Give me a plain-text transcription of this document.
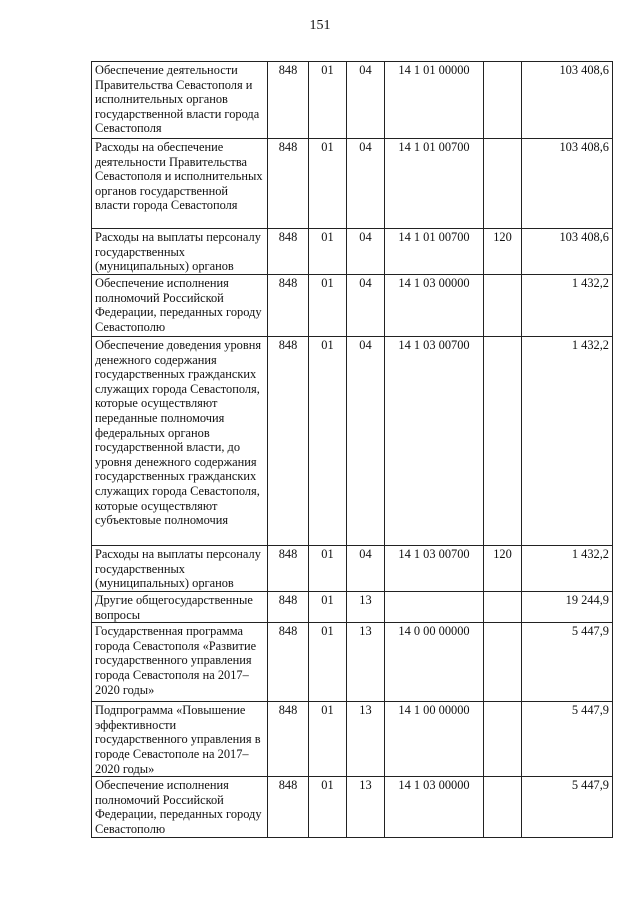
151
Обеспечение деятельности Правительства Севастополя и исполнительных органов государственной власти города Севастополя	848	01	04	14 1 01 00000		103 408,6
Расходы на обеспечение деятельности Правительства Севастополя и исполнительных органов государственной власти города Севастополя	848	01	04	14 1 01 00700		103 408,6
Расходы на выплаты персоналу государственных (муниципальных) органов	848	01	04	14 1 01 00700	120	103 408,6
Обеспечение исполнения полномочий Российской Федерации, переданных городу Севастополю	848	01	04	14 1 03 00000		1 432,2
Обеспечение доведения уровня денежного содержания государственных гражданских служащих города Севастополя, которые осуществляют переданные полномочия федеральных органов государственной власти, до уровня денежного содержания государственных гражданских служащих города Севастополя, которые осуществляют субъектовые полномочия	848	01	04	14 1 03 00700		1 432,2
Расходы на выплаты персоналу государственных (муниципальных) органов	848	01	04	14 1 03 00700	120	1 432,2
Другие общегосударственные вопросы	848	01	13			19 244,9
Государственная программа города Севастополя «Развитие государственного управления города Севастополя на 2017–2020 годы»	848	01	13	14 0 00 00000		5 447,9
Подпрограмма «Повышение эффективности государственного управления в городе Севастополе на 2017–2020 годы»	848	01	13	14 1 00 00000		5 447,9
Обеспечение исполнения полномочий Российской Федерации, переданных городу Севастополю	848	01	13	14 1 03 00000		5 447,9
